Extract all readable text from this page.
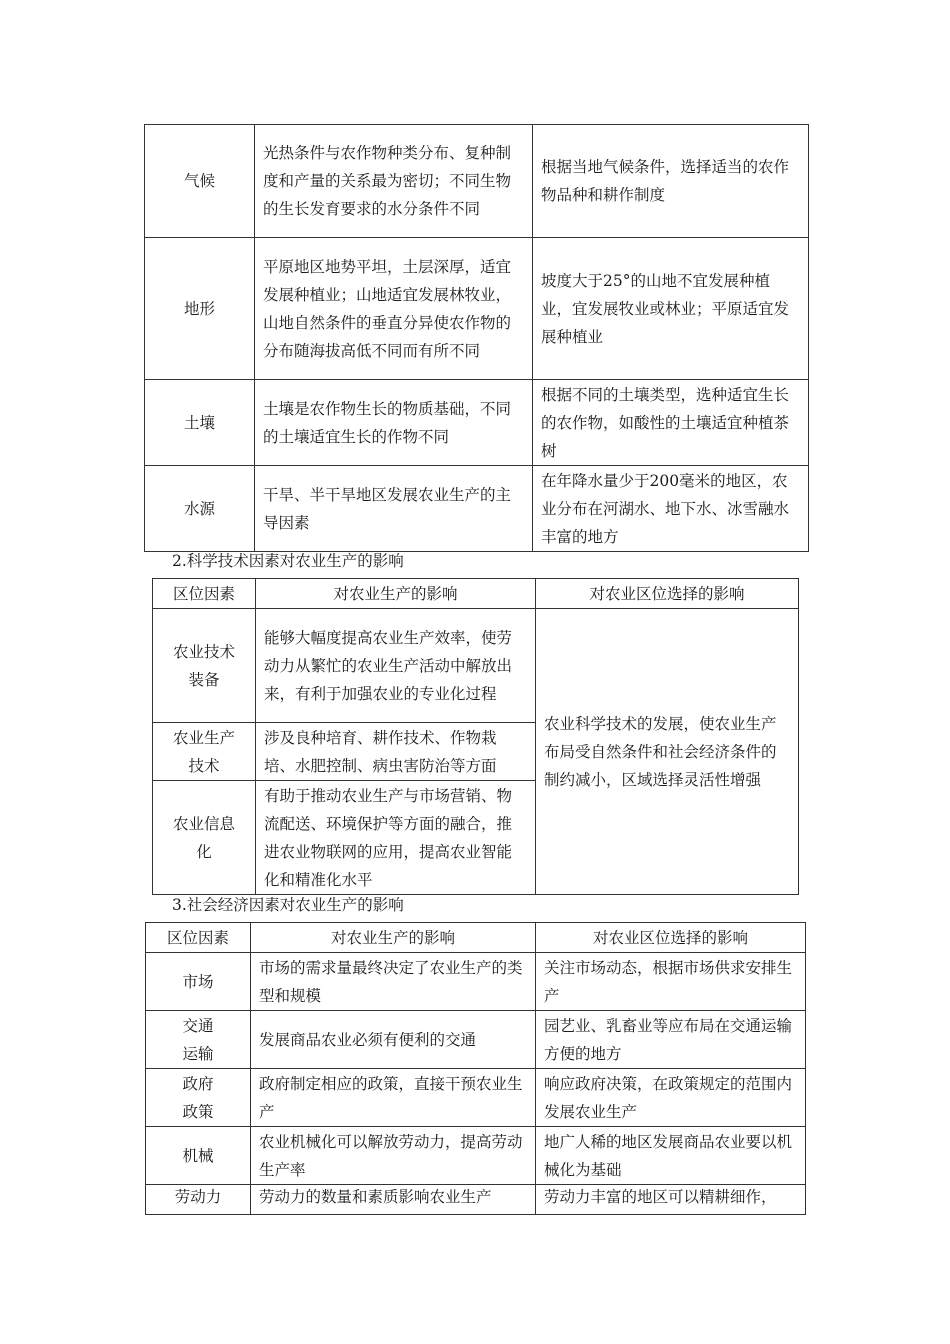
气候	光热条件与农作物种类分布、复种制度和产量的关系最为密切；不同生物的生长发育要求的水分条件不同	根据当地气候条件，选择适当的农作物品种和耕作制度
地形	平原地区地势平坦，土层深厚，适宜发展种植业；山地适宜发展林牧业，山地自然条件的垂直分异使农作物的分布随海拔高低不同而有所不同	坡度大于25°的山地不宜发展种植业，宜发展牧业或林业；平原适宜发展种植业
土壤	土壤是农作物生长的物质基础，不同的土壤适宜生长的作物不同	根据不同的土壤类型，选种适宜生长的农作物，如酸性的土壤适宜种植茶树
水源	干旱、半干旱地区发展农业生产的主导因素	在年降水量少于200毫米的地区，农业分布在河湖水、地下水、冰雪融水丰富的地方
2.科学技术因素对农业生产的影响
区位因素	对农业生产的影响	对农业区位选择的影响
农业技术装备	能够大幅度提高农业生产效率，使劳动力从繁忙的农业生产活动中解放出来，有利于加强农业的专业化过程	农业科学技术的发展，使农业生产布局受自然条件和社会经济条件的制约减小，区域选择灵活性增强
农业生产技术	涉及良种培育、耕作技术、作物栽培、水肥控制、病虫害防治等方面	
农业信息化	有助于推动农业生产与市场营销、物流配送、环境保护等方面的融合，推进农业物联网的应用，提高农业智能化和精准化水平	
3.社会经济因素对农业生产的影响
区位因素	对农业生产的影响	对农业区位选择的影响
市场	市场的需求量最终决定了农业生产的类型和规模	关注市场动态，根据市场供求安排生产
交通运输	发展商品农业必须有便利的交通	园艺业、乳畜业等应布局在交通运输方便的地方
政府政策	政府制定相应的政策，直接干预农业生产	响应政府决策，在政策规定的范围内发展农业生产
机械	农业机械化可以解放劳动力，提高劳动生产率	地广人稀的地区发展商品农业要以机械化为基础
劳动力	劳动力的数量和素质影响农业生产	劳动力丰富的地区可以精耕细作，
